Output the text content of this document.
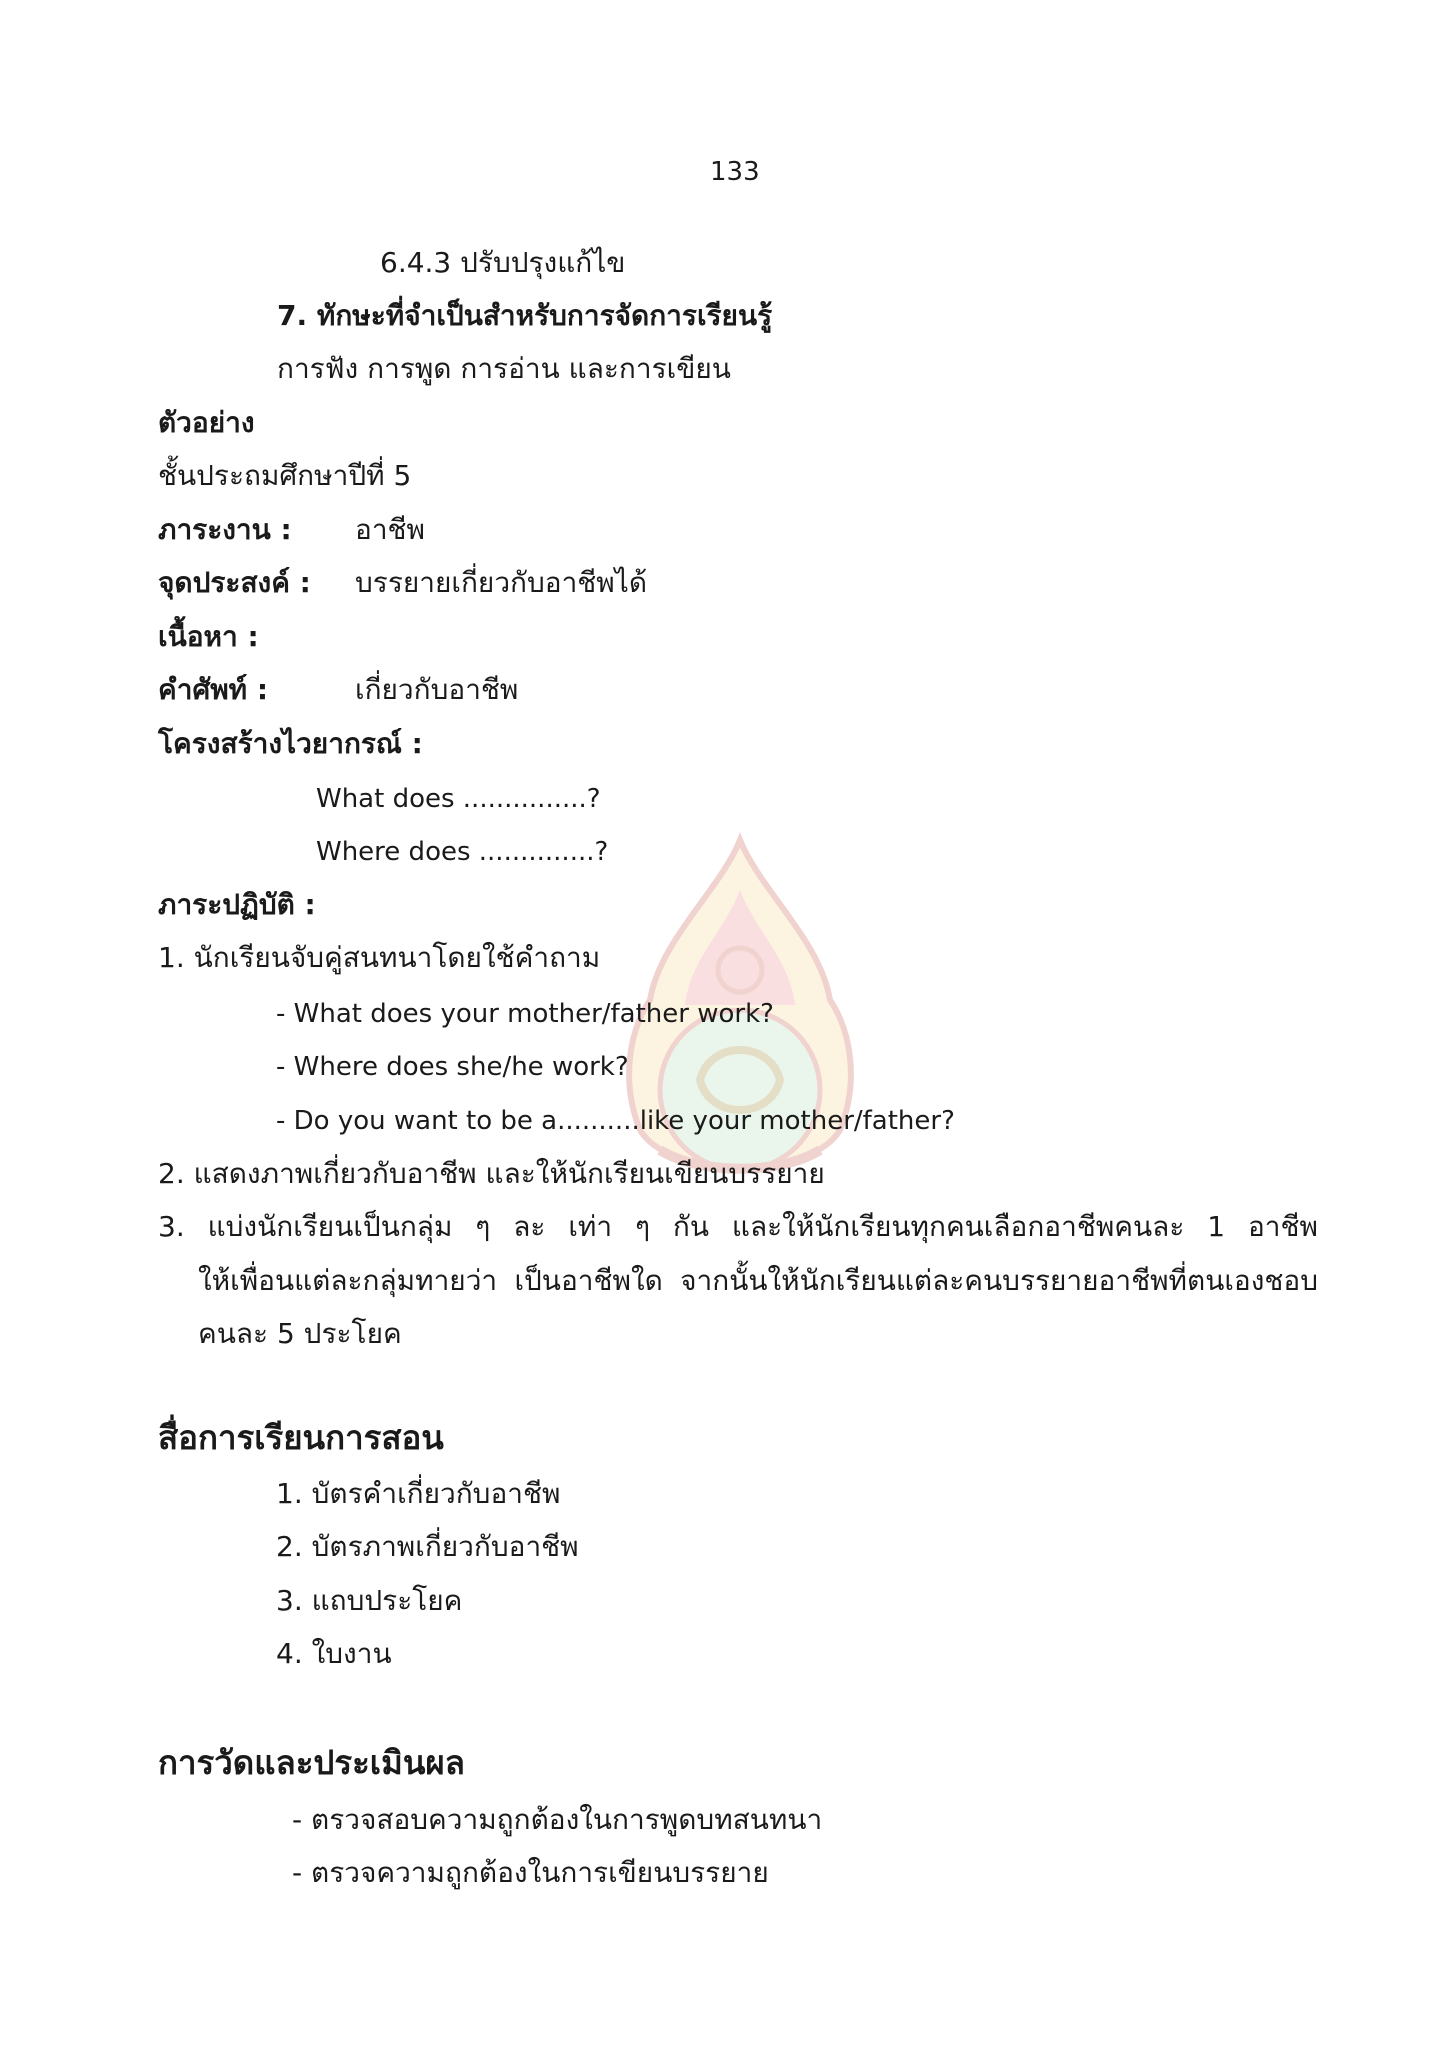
133
6.4.3 ปรับปรุงแก้ไข
7. ทักษะที่จำเป็นสำหรับการจัดการเรียนรู้
การฟัง การพูด การอ่าน และการเขียน
ตัวอย่าง
ชั้นประถมศึกษาปีที่ 5
ภาระงาน : อาชีพ
จุดประสงค์ : บรรยายเกี่ยวกับอาชีพได้
เนื้อหา :
คำศัพท์ :	เกี่ยวกับอาชีพ
โครงสร้างไวยากรณ์ :
What does ...............?
Where does ..............?
ภาระปฏิบัติ :
1. นักเรียนจับคู่สนทนาโดยใช้คำถาม
- What does your mother/father work?
- Where does she/he work?
- Do you want to be a..........like your mother/father?
2. แสดงภาพเกี่ยวกับอาชีพ และให้นักเรียนเขียนบรรยาย
3. แบ่งนักเรียนเป็นกลุ่ม ๆ ละ เท่า ๆ กัน และให้นักเรียนทุกคนเลือกอาชีพคนละ 1 อาชีพ
ให้เพื่อนแต่ละกลุ่มทายว่า เป็นอาชีพใด จากนั้นให้นักเรียนแต่ละคนบรรยายอาชีพที่ตนเองชอบ
คนละ 5 ประโยค
สื่อการเรียนการสอน
1. บัตรคำเกี่ยวกับอาชีพ
2. บัตรภาพเกี่ยวกับอาชีพ
3. แถบประโยค
4. ใบงาน
การวัดและประเมินผล
- ตรวจสอบความถูกต้องในการพูดบทสนทนา
- ตรวจความถูกต้องในการเขียนบรรยาย
